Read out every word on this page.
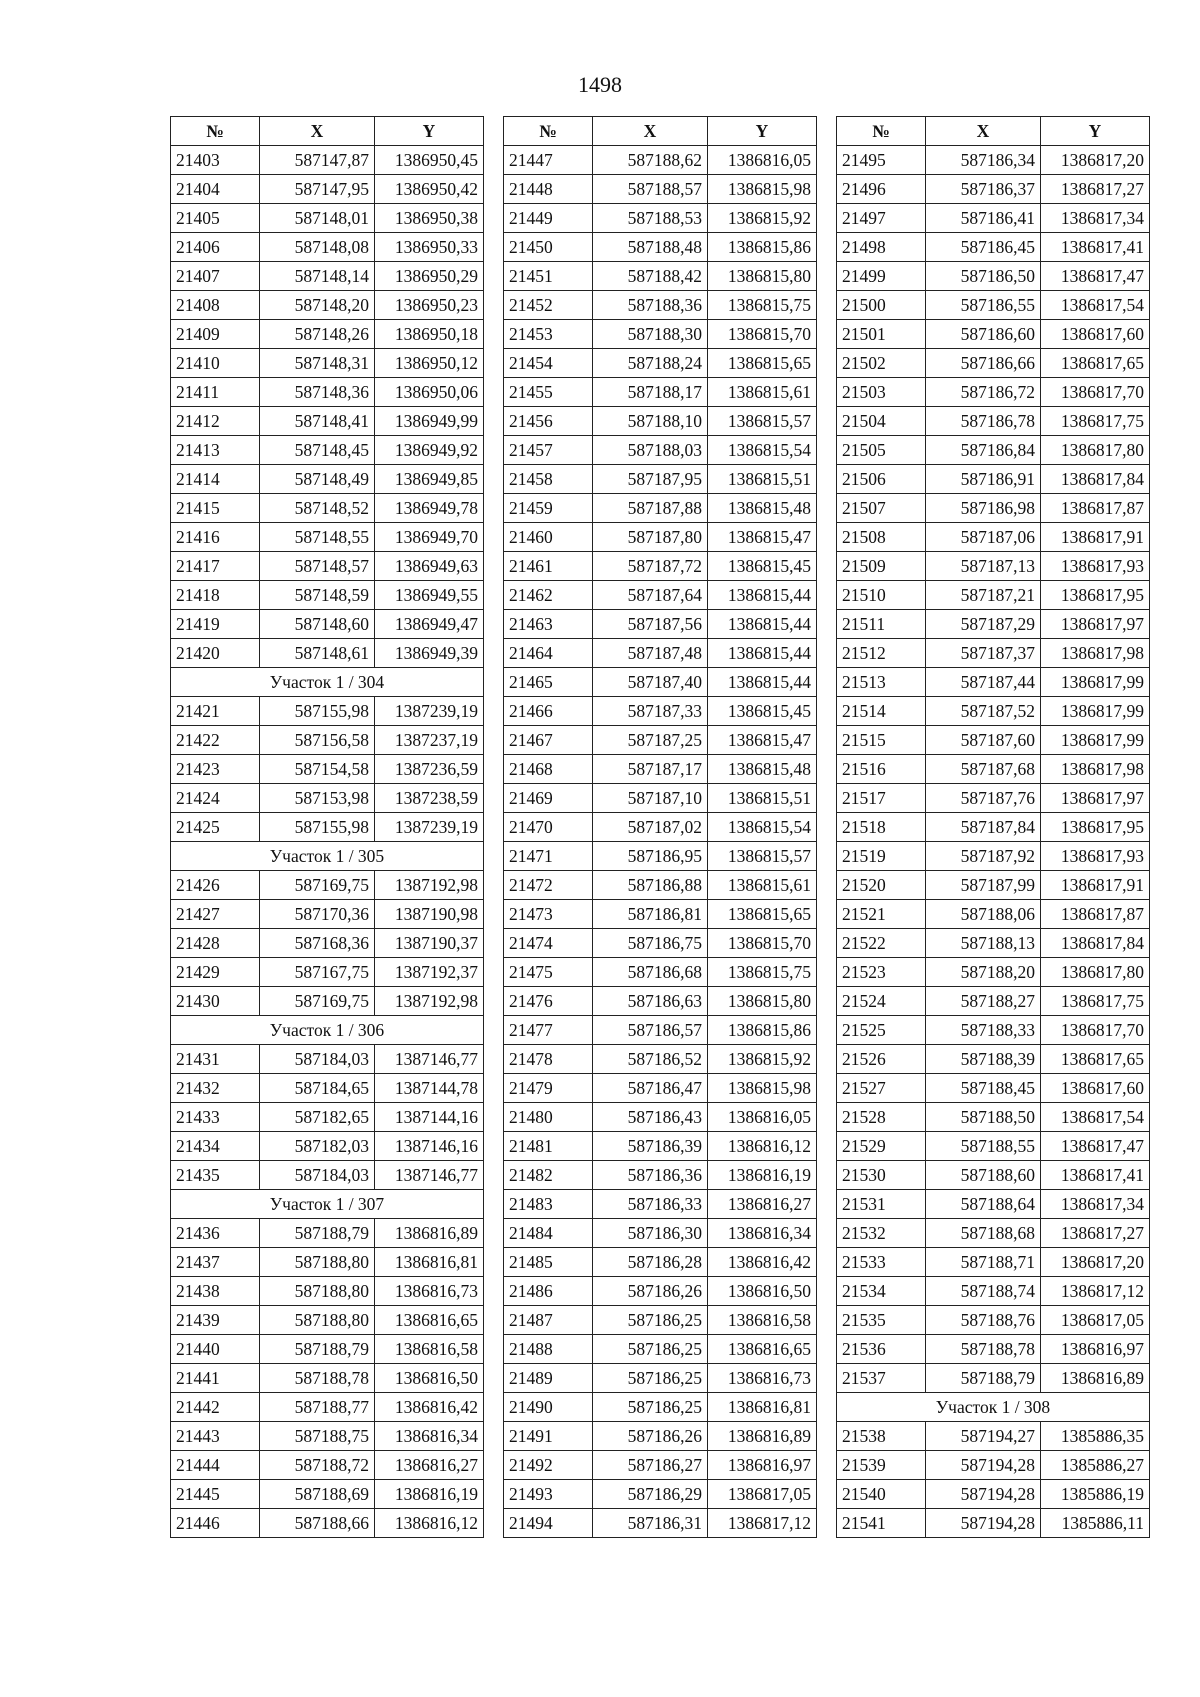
1498
№	X	Y
21403	587147,87	1386950,45
21404	587147,95	1386950,42
21405	587148,01	1386950,38
21406	587148,08	1386950,33
21407	587148,14	1386950,29
21408	587148,20	1386950,23
21409	587148,26	1386950,18
21410	587148,31	1386950,12
21411	587148,36	1386950,06
21412	587148,41	1386949,99
21413	587148,45	1386949,92
21414	587148,49	1386949,85
21415	587148,52	1386949,78
21416	587148,55	1386949,70
21417	587148,57	1386949,63
21418	587148,59	1386949,55
21419	587148,60	1386949,47
21420	587148,61	1386949,39
Участок 1 / 304		
21421	587155,98	1387239,19
21422	587156,58	1387237,19
21423	587154,58	1387236,59
21424	587153,98	1387238,59
21425	587155,98	1387239,19
Участок 1 / 305		
21426	587169,75	1387192,98
21427	587170,36	1387190,98
21428	587168,36	1387190,37
21429	587167,75	1387192,37
21430	587169,75	1387192,98
Участок 1 / 306		
21431	587184,03	1387146,77
21432	587184,65	1387144,78
21433	587182,65	1387144,16
21434	587182,03	1387146,16
21435	587184,03	1387146,77
Участок 1 / 307		
21436	587188,79	1386816,89
21437	587188,80	1386816,81
21438	587188,80	1386816,73
21439	587188,80	1386816,65
21440	587188,79	1386816,58
21441	587188,78	1386816,50
21442	587188,77	1386816,42
21443	587188,75	1386816,34
21444	587188,72	1386816,27
21445	587188,69	1386816,19
21446	587188,66	1386816,12
№	X	Y
21447	587188,62	1386816,05
21448	587188,57	1386815,98
21449	587188,53	1386815,92
21450	587188,48	1386815,86
21451	587188,42	1386815,80
21452	587188,36	1386815,75
21453	587188,30	1386815,70
21454	587188,24	1386815,65
21455	587188,17	1386815,61
21456	587188,10	1386815,57
21457	587188,03	1386815,54
21458	587187,95	1386815,51
21459	587187,88	1386815,48
21460	587187,80	1386815,47
21461	587187,72	1386815,45
21462	587187,64	1386815,44
21463	587187,56	1386815,44
21464	587187,48	1386815,44
21465	587187,40	1386815,44
21466	587187,33	1386815,45
21467	587187,25	1386815,47
21468	587187,17	1386815,48
21469	587187,10	1386815,51
21470	587187,02	1386815,54
21471	587186,95	1386815,57
21472	587186,88	1386815,61
21473	587186,81	1386815,65
21474	587186,75	1386815,70
21475	587186,68	1386815,75
21476	587186,63	1386815,80
21477	587186,57	1386815,86
21478	587186,52	1386815,92
21479	587186,47	1386815,98
21480	587186,43	1386816,05
21481	587186,39	1386816,12
21482	587186,36	1386816,19
21483	587186,33	1386816,27
21484	587186,30	1386816,34
21485	587186,28	1386816,42
21486	587186,26	1386816,50
21487	587186,25	1386816,58
21488	587186,25	1386816,65
21489	587186,25	1386816,73
21490	587186,25	1386816,81
21491	587186,26	1386816,89
21492	587186,27	1386816,97
21493	587186,29	1386817,05
21494	587186,31	1386817,12
№	X	Y
21495	587186,34	1386817,20
21496	587186,37	1386817,27
21497	587186,41	1386817,34
21498	587186,45	1386817,41
21499	587186,50	1386817,47
21500	587186,55	1386817,54
21501	587186,60	1386817,60
21502	587186,66	1386817,65
21503	587186,72	1386817,70
21504	587186,78	1386817,75
21505	587186,84	1386817,80
21506	587186,91	1386817,84
21507	587186,98	1386817,87
21508	587187,06	1386817,91
21509	587187,13	1386817,93
21510	587187,21	1386817,95
21511	587187,29	1386817,97
21512	587187,37	1386817,98
21513	587187,44	1386817,99
21514	587187,52	1386817,99
21515	587187,60	1386817,99
21516	587187,68	1386817,98
21517	587187,76	1386817,97
21518	587187,84	1386817,95
21519	587187,92	1386817,93
21520	587187,99	1386817,91
21521	587188,06	1386817,87
21522	587188,13	1386817,84
21523	587188,20	1386817,80
21524	587188,27	1386817,75
21525	587188,33	1386817,70
21526	587188,39	1386817,65
21527	587188,45	1386817,60
21528	587188,50	1386817,54
21529	587188,55	1386817,47
21530	587188,60	1386817,41
21531	587188,64	1386817,34
21532	587188,68	1386817,27
21533	587188,71	1386817,20
21534	587188,74	1386817,12
21535	587188,76	1386817,05
21536	587188,78	1386816,97
21537	587188,79	1386816,89
Участок 1 / 308		
21538	587194,27	1385886,35
21539	587194,28	1385886,27
21540	587194,28	1385886,19
21541	587194,28	1385886,11
